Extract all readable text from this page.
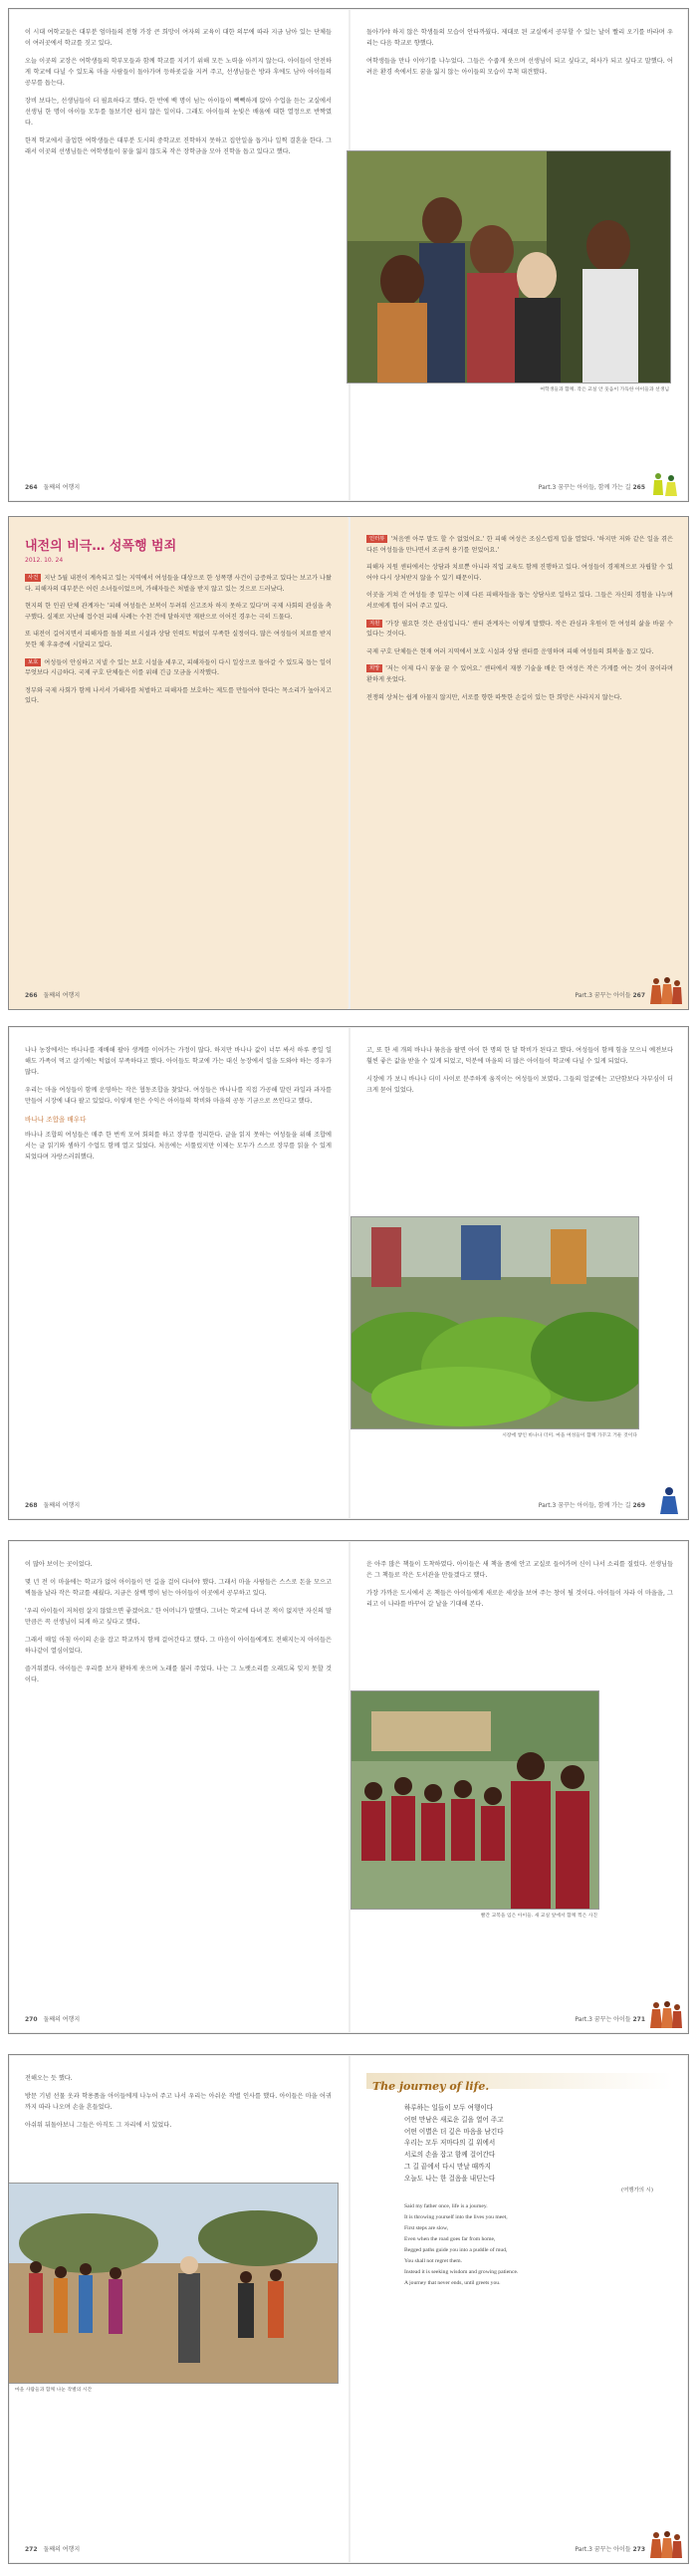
이 시대 여학교들은 대부분 엄마들의 전형 가장 큰 희망이 여자의 교육이 대한 의무에 따라 지금 남아 있는 단체들이 여러곳에서 학교를 짓고 있다.

오늘 이곳의 교장은 여학생들의 학부모들과 함께 학교를 지키기 위해 모든 노력을 아끼지 않는다. 아이들이 안전하게 학교에 다닐 수 있도록 마을 사람들이 돌아가며 등하굣길을 지켜 주고, 선생님들은 방과 후에도 남아 아이들의 공부를 돕는다.

장비 보다는, 선생님들이 더 필요하다고 했다. 한 반에 백 명이 넘는 아이들이 빽빽하게 앉아 수업을 듣는 교실에서 선생님 한 명이 아이들 모두를 돌보기란 쉽지 않은 일이다. 그래도 아이들의 눈빛은 배움에 대한 열정으로 반짝였다.

한적 학교에서 졸업한 여학생들은 대부분 도시의 중학교로 진학하지 못하고 집안일을 돕거나 일찍 결혼을 한다. 그래서 이곳의 선생님들은 여학생들이 꿈을 잃지 않도록 작은 장학금을 모아 진학을 돕고 있다고 했다.

264 둘째의 여행지

돌아가야 하지 않은 학생들의 모습이 안타까웠다. 제대로 된 교실에서 공부할 수 있는 날이 빨리 오기를 바라며 우리는 다음 학교로 향했다.

여학생들을 만나 이야기를 나누었다. 그들은 수줍게 웃으며 선생님이 되고 싶다고, 의사가 되고 싶다고 말했다. 어려운 환경 속에서도 꿈을 잃지 않는 아이들의 모습이 무척 대견했다.

여학생들과 함께. 작은 교실 안 웃음이 가득한 아이들과 선생님
Part.3 꿈꾸는 아이들, 함께 가는 길 265
내전의 비극… 성폭행 범죄
2012. 10. 24

사건 지난 5월 내전이 계속되고 있는 지역에서 여성들을 대상으로 한 성폭행 사건이 급증하고 있다는 보고가 나왔다. 피해자의 대부분은 어린 소녀들이었으며, 가해자들은 처벌을 받지 않고 있는 것으로 드러났다.

현지의 한 인권 단체 관계자는 '피해 여성들은 보복이 두려워 신고조차 하지 못하고 있다'며 국제 사회의 관심을 촉구했다. 실제로 지난해 접수된 피해 사례는 수천 건에 달하지만 재판으로 이어진 경우는 극히 드물다.

또 내전이 길어지면서 피해자를 돌볼 의료 시설과 상담 인력도 턱없이 부족한 실정이다. 많은 여성들이 치료를 받지 못한 채 후유증에 시달리고 있다.

보호 여성들이 안심하고 지낼 수 있는 보호 시설을 세우고, 피해자들이 다시 일상으로 돌아갈 수 있도록 돕는 일이 무엇보다 시급하다. 국제 구호 단체들은 이를 위해 긴급 모금을 시작했다.

정부와 국제 사회가 함께 나서서 가해자를 처벌하고 피해자를 보호하는 제도를 만들어야 한다는 목소리가 높아지고 있다.

266 둘째의 여행지

인터뷰 '처음엔 아무 말도 할 수 없었어요.' 한 피해 여성은 조심스럽게 입을 열었다. '하지만 저와 같은 일을 겪은 다른 여성들을 만나면서 조금씩 용기를 얻었어요.'

피해자 지원 센터에서는 상담과 치료뿐 아니라 직업 교육도 함께 진행하고 있다. 여성들이 경제적으로 자립할 수 있어야 다시 상처받지 않을 수 있기 때문이다.

이곳을 거쳐 간 여성들 중 일부는 이제 다른 피해자들을 돕는 상담사로 일하고 있다. 그들은 자신의 경험을 나누며 서로에게 힘이 되어 주고 있다.

지원 '가장 필요한 것은 관심입니다.' 센터 관계자는 이렇게 말했다. 작은 관심과 후원이 한 여성의 삶을 바꿀 수 있다는 것이다.

국제 구호 단체들은 현재 여러 지역에서 보호 시설과 상담 센터를 운영하며 피해 여성들의 회복을 돕고 있다.

희망 '저는 이제 다시 꿈을 꿀 수 있어요.' 센터에서 재봉 기술을 배운 한 여성은 작은 가게를 여는 것이 꿈이라며 환하게 웃었다.

전쟁의 상처는 쉽게 아물지 않지만, 서로를 향한 따뜻한 손길이 있는 한 희망은 사라지지 않는다.

Part.3 꿈꾸는 아이들 267

나나 농장에서는 바나나를 재배해 팔아 생계를 이어가는 가정이 많다. 하지만 바나나 값이 너무 싸서 하루 종일 일해도 가족이 먹고 살기에는 턱없이 부족하다고 했다. 아이들도 학교에 가는 대신 농장에서 일을 도와야 하는 경우가 많다.

우리는 마을 여성들이 함께 운영하는 작은 협동조합을 찾았다. 여성들은 바나나를 직접 가공해 말린 과일과 과자를 만들어 시장에 내다 팔고 있었다. 이렇게 얻은 수익은 아이들의 학비와 마을의 공동 기금으로 쓰인다고 했다.

바나나 조합을 배우다

바나나 조합의 여성들은 매주 한 번씩 모여 회의를 하고 장부를 정리한다. 글을 읽지 못하는 여성들을 위해 조합에서는 글 읽기와 셈하기 수업도 함께 열고 있었다. 처음에는 서툴렀지만 이제는 모두가 스스로 장부를 읽을 수 있게 되었다며 자랑스러워했다.

268 둘째의 여행지

고, 또 한 세 개의 바나나 묶음을 팔면 아이 한 명의 한 달 학비가 된다고 했다. 여성들이 함께 힘을 모으니 예전보다 훨씬 좋은 값을 받을 수 있게 되었고, 덕분에 마을의 더 많은 아이들이 학교에 다닐 수 있게 되었다.

시장에 가 보니 바나나 더미 사이로 분주하게 움직이는 여성들이 보였다. 그들의 얼굴에는 고단함보다 자부심이 더 크게 묻어 있었다.

시장에 쌓인 바나나 더미. 마을 여성들이 함께 가꾸고 거둔 것이다
Part.3 꿈꾸는 아이들, 함께 가는 길 269

이 많아 보이는 곳이었다.

몇 년 전 이 마을에는 학교가 없어 아이들이 먼 길을 걸어 다녀야 했다. 그래서 마을 사람들은 스스로 돈을 모으고 벽돌을 날라 작은 학교를 세웠다. 지금은 삼백 명이 넘는 아이들이 이곳에서 공부하고 있다.

'우리 아이들이 저처럼 살지 않았으면 좋겠어요.' 한 어머니가 말했다. 그녀는 학교에 다녀 본 적이 없지만 자신의 딸만큼은 꼭 선생님이 되게 하고 싶다고 했다.

그래서 매일 아침 아이의 손을 잡고 학교까지 함께 걸어간다고 했다. 그 마음이 아이들에게도 전해지는지 아이들은 하나같이 열심이었다.

즐거워졌다. 아이들은 우리를 보자 환하게 웃으며 노래를 불러 주었다. 나는 그 노랫소리를 오래도록 잊지 못할 것이다.

270 둘째의 여행지

운 아주 많은 책들이 도착하였다. 아이들은 새 책을 품에 안고 교실로 들어가며 신이 나서 소리를 질렀다. 선생님들은 그 책들로 작은 도서관을 만들겠다고 했다.

가장 가까운 도시에서 온 책들은 아이들에게 새로운 세상을 보여 주는 창이 될 것이다. 아이들이 자라 이 마을을, 그리고 이 나라를 바꾸어 갈 날을 기대해 본다.

빨간 교복을 입은 아이들. 새 교실 앞에서 함께 찍은 사진
Part.3 꿈꾸는 아이들 271

전해오는 듯 했다.

방문 기념 선물 옷과 학용품을 아이들에게 나누어 주고 나서 우리는 아쉬운 작별 인사를 했다. 아이들은 마을 어귀까지 따라 나오며 손을 흔들었다.

아쉬워 뒤돌아보니 그들은 아직도 그 자리에 서 있었다.

마을 사람들과 함께 나눈 작별의 시간
272 둘째의 여행지
The journey of life.
하루하는 일들이 모두 여행이다
어떤 만남은 새로운 길을 열어 주고
어떤 이별은 더 깊은 마음을 남긴다
우리는 모두 저마다의 길 위에서
서로의 손을 잡고 함께 걸어간다
그 길 끝에서 다시 만날 때까지
오늘도 나는 한 걸음을 내딛는다
(여행가의 시)
Said my father once, life is a journey.
It is throwing yourself into the lives you meet,
First steps are slow,
Even when the road goes far from home,
Begged paths guide you into a puddle of mud,
You shall not regret them.
Instead it is seeking wisdom and growing patience.
A journey that never ends, until greets you.
Part.3 꿈꾸는 아이들 273
